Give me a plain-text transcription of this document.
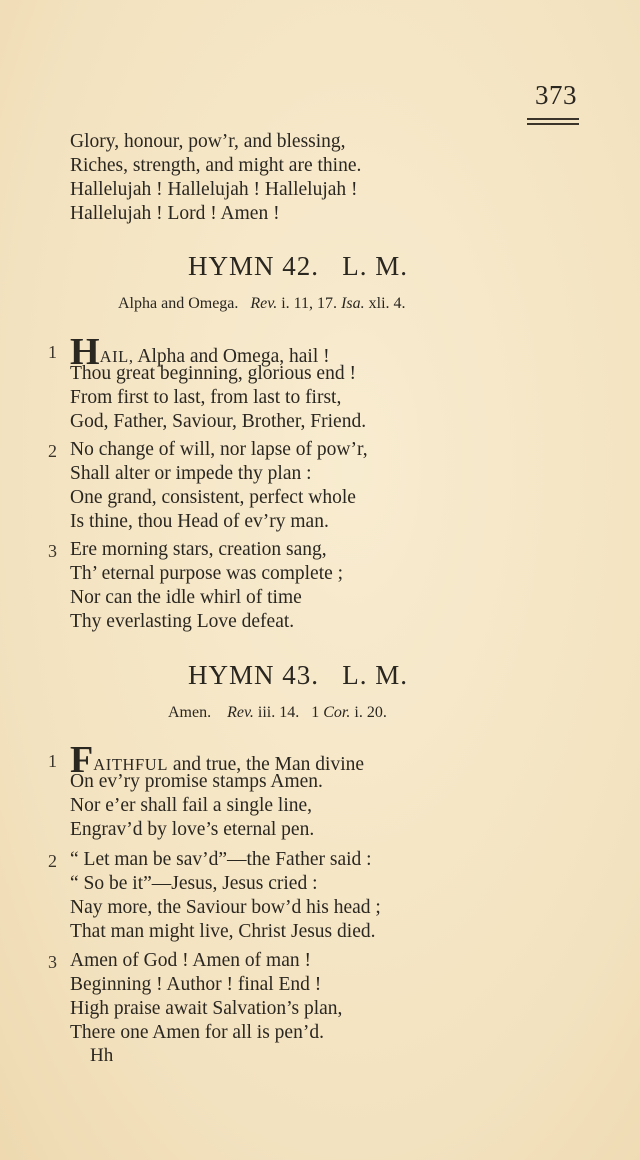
373
Glory, honour, pow’r, and blessing,
Riches, strength, and might are thine.
Hallelujah ! Hallelujah ! Hallelujah !
Hallelujah ! Lord ! Amen !
HYMN 42.   L. M.
Alpha and Omega. Rev. i. 11, 17. Isa. xli. 4.
1 HAIL, Alpha and Omega, hail !
Thou great beginning, glorious end !
From first to last, from last to first,
God, Father, Saviour, Brother, Friend.
2 No change of will, nor lapse of pow’r,
Shall alter or impede thy plan :
One grand, consistent, perfect whole
Is thine, thou Head of ev’ry man.
3 Ere morning stars, creation sang,
Th’ eternal purpose was complete ;
Nor can the idle whirl of time
Thy everlasting Love defeat.
HYMN 43.   L. M.
Amen. Rev. iii. 14.   1 Cor. i. 20.
1 FAITHFUL and true, the Man divine
On ev’ry promise stamps Amen.
Nor e’er shall fail a single line,
Engrav’d by love’s eternal pen.
2 “ Let man be sav’d”—the Father said :
“ So be it”—Jesus, Jesus cried :
Nay more, the Saviour bow’d his head ;
That man might live, Christ Jesus died.
3 Amen of God ! Amen of man !
Beginning ! Author ! final End !
High praise await Salvation’s plan,
There one Amen for all is pen’d.
Hh
